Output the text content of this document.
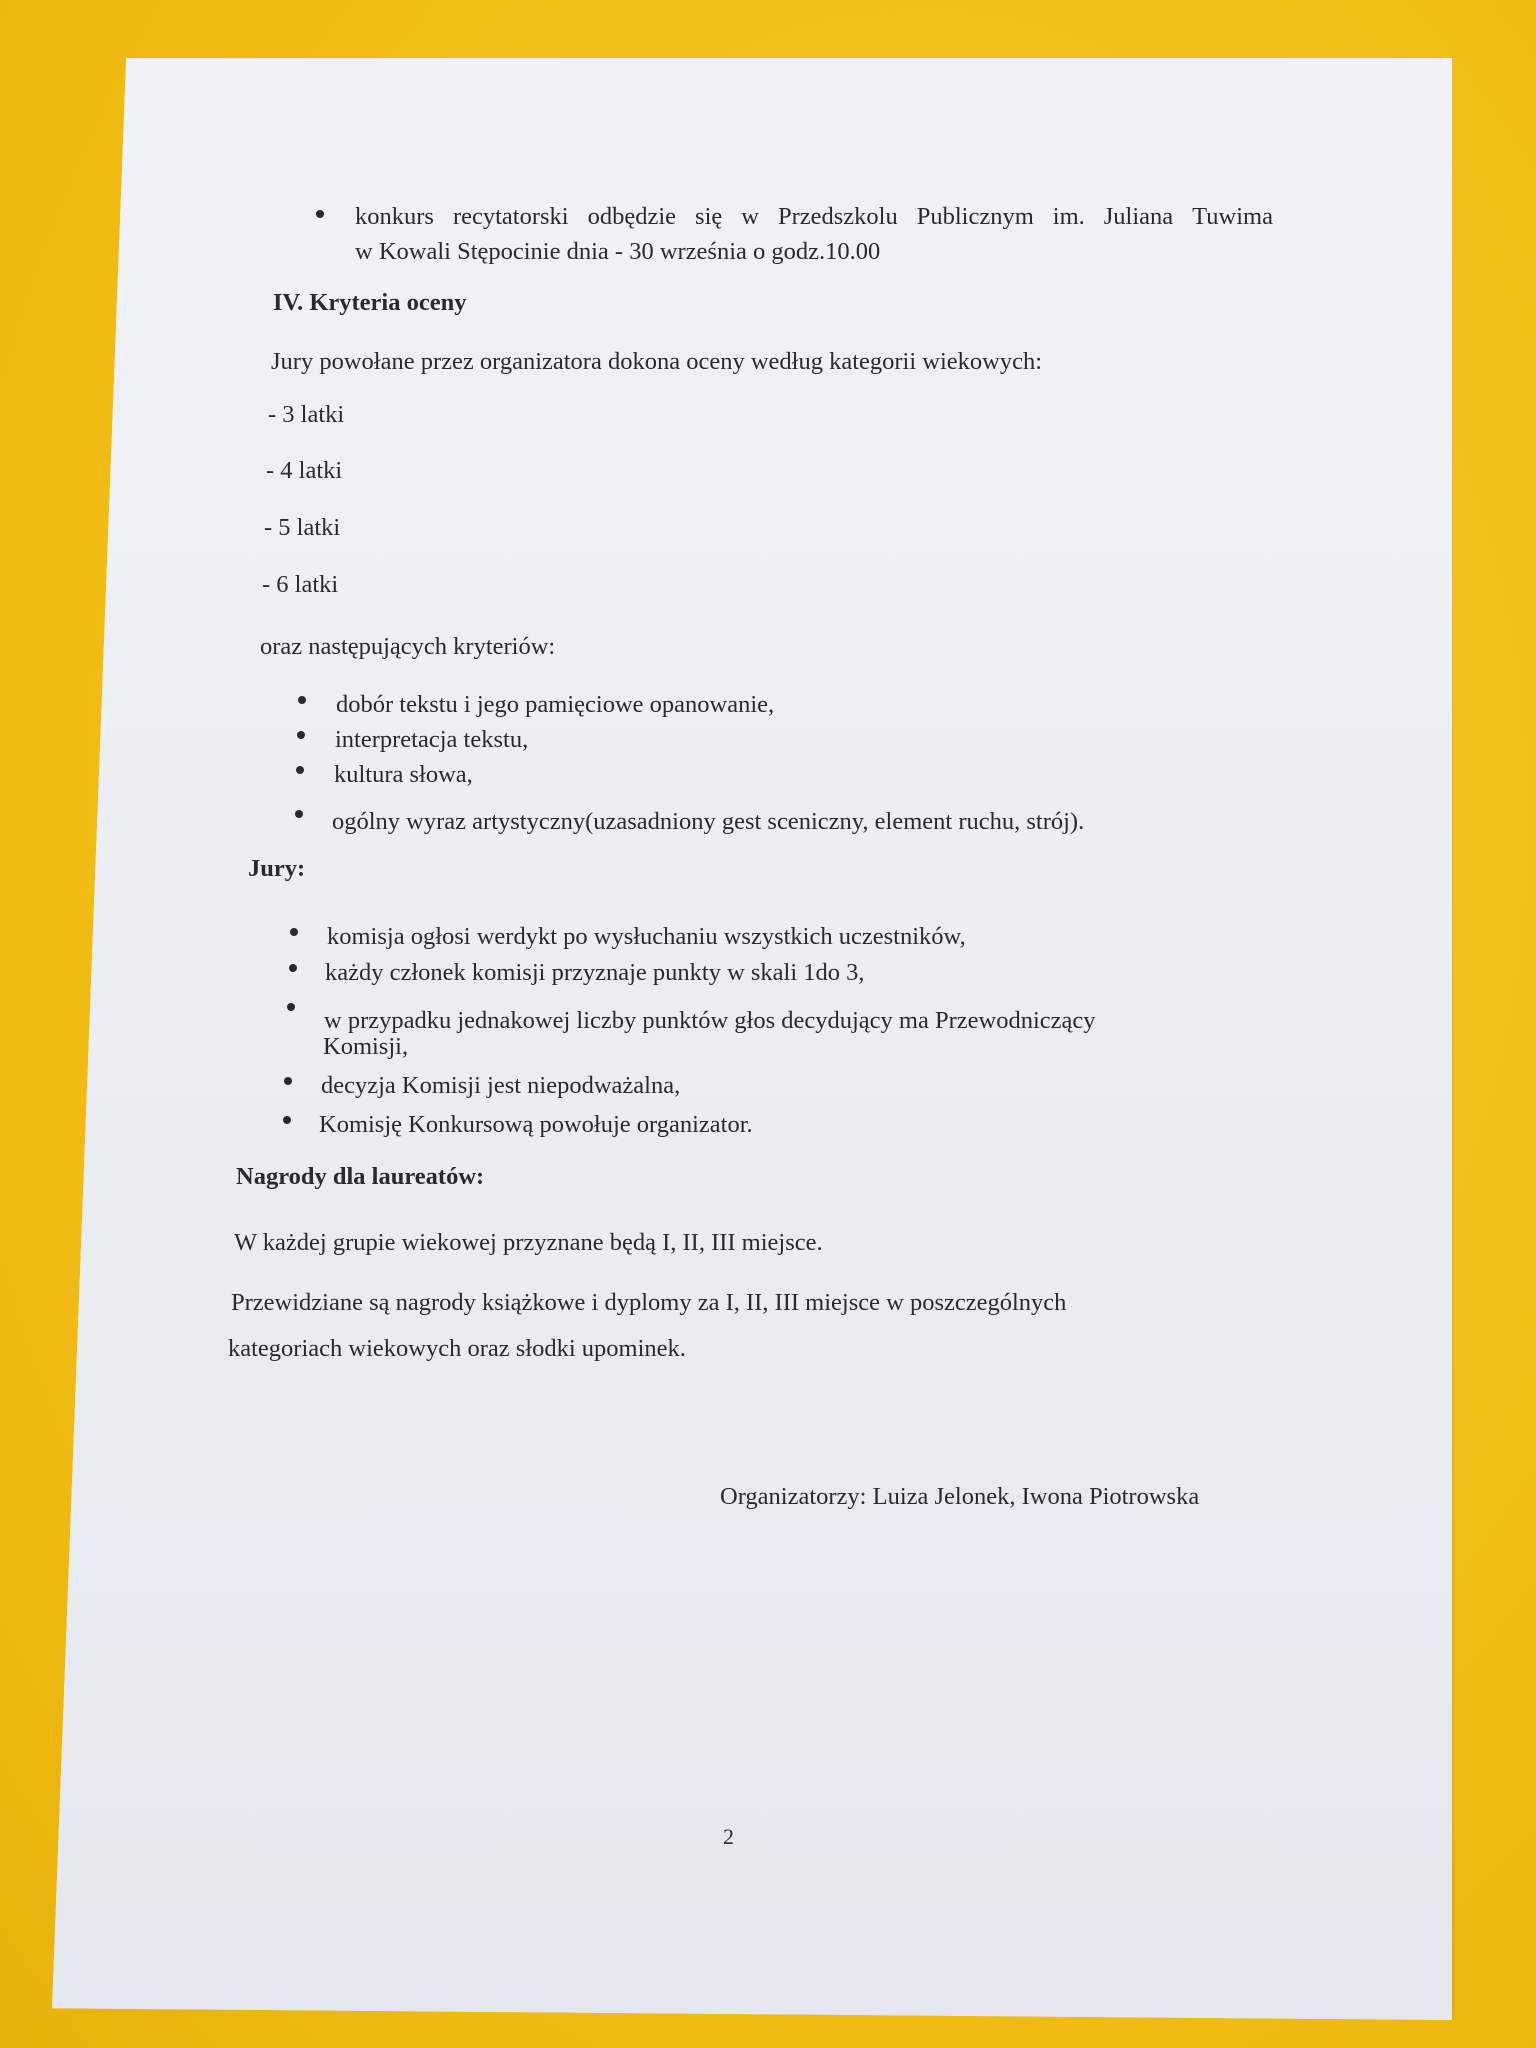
konkurs recytatorski odbędzie się w Przedszkolu Publicznym im. Juliana Tuwima
w Kowali Stępocinie dnia - 30 września o godz.10.00
IV. Kryteria oceny
Jury powołane przez organizatora dokona oceny według kategorii wiekowych:
- 3 latki
- 4 latki
- 5 latki
- 6 latki
oraz następujących kryteriów:
dobór tekstu i jego pamięciowe opanowanie,
interpretacja tekstu,
kultura słowa,
ogólny wyraz artystyczny(uzasadniony gest sceniczny, element ruchu, strój).
Jury:
komisja ogłosi werdykt po wysłuchaniu wszystkich uczestników,
każdy członek komisji przyznaje punkty w skali 1do 3,
w przypadku jednakowej liczby punktów głos decydujący ma Przewodniczący
Komisji,
decyzja Komisji jest niepodważalna,
Komisję Konkursową powołuje organizator.
Nagrody dla laureatów:
W każdej grupie wiekowej przyznane będą I, II, III miejsce.
Przewidziane są nagrody książkowe i dyplomy za I, II, III miejsce w poszczególnych
kategoriach wiekowych oraz słodki upominek.
Organizatorzy: Luiza Jelonek, Iwona Piotrowska
2
